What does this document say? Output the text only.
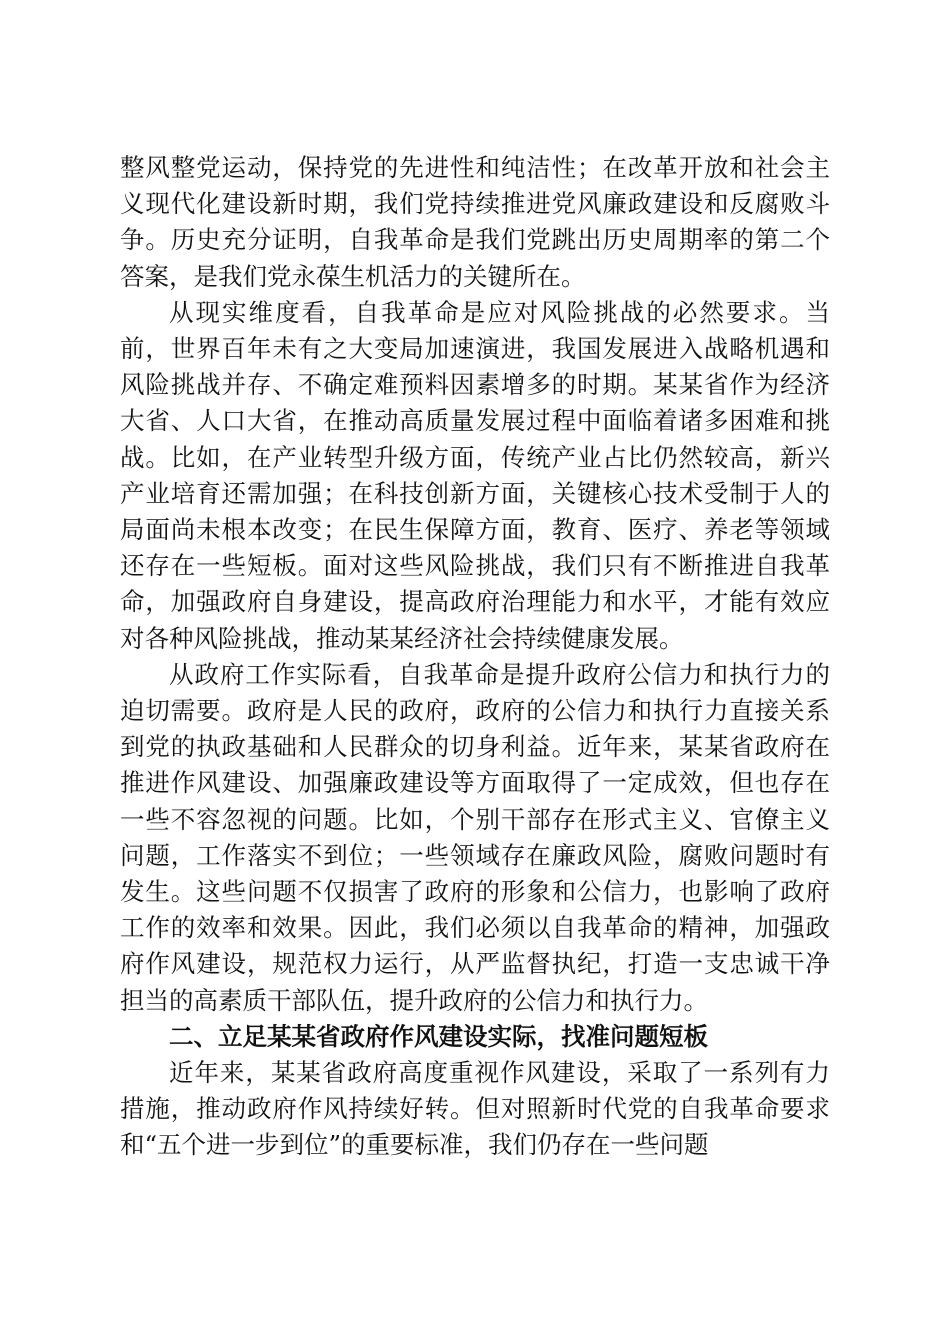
整风整党运动，保持党的先进性和纯洁性；在改革开放和社会主义现代化建设新时期，我们党持续推进党风廉政建设和反腐败斗争。历史充分证明，自我革命是我们党跳出历史周期率的第二个答案，是我们党永葆生机活力的关键所在。

从现实维度看，自我革命是应对风险挑战的必然要求。当前，世界百年未有之大变局加速演进，我国发展进入战略机遇和风险挑战并存、不确定难预料因素增多的时期。某某省作为经济大省、人口大省，在推动高质量发展过程中面临着诸多困难和挑战。比如，在产业转型升级方面，传统产业占比仍然较高，新兴产业培育还需加强；在科技创新方面，关键核心技术受制于人的局面尚未根本改变；在民生保障方面，教育、医疗、养老等领域还存在一些短板。面对这些风险挑战，我们只有不断推进自我革命，加强政府自身建设，提高政府治理能力和水平，才能有效应对各种风险挑战，推动某某经济社会持续健康发展。

从政府工作实际看，自我革命是提升政府公信力和执行力的迫切需要。政府是人民的政府，政府的公信力和执行力直接关系到党的执政基础和人民群众的切身利益。近年来，某某省政府在推进作风建设、加强廉政建设等方面取得了一定成效，但也存在一些不容忽视的问题。比如，个别干部存在形式主义、官僚主义问题，工作落实不到位；一些领域存在廉政风险，腐败问题时有发生。这些问题不仅损害了政府的形象和公信力，也影响了政府工作的效率和效果。因此，我们必须以自我革命的精神，加强政府作风建设，规范权力运行，从严监督执纪，打造一支忠诚干净担当的高素质干部队伍，提升政府的公信力和执行力。

二、立足某某省政府作风建设实际，找准问题短板

近年来，某某省政府高度重视作风建设，采取了一系列有力措施，推动政府作风持续好转。但对照新时代党的自我革命要求和“五个进一步到位”的重要标准，我们仍存在一些问题
